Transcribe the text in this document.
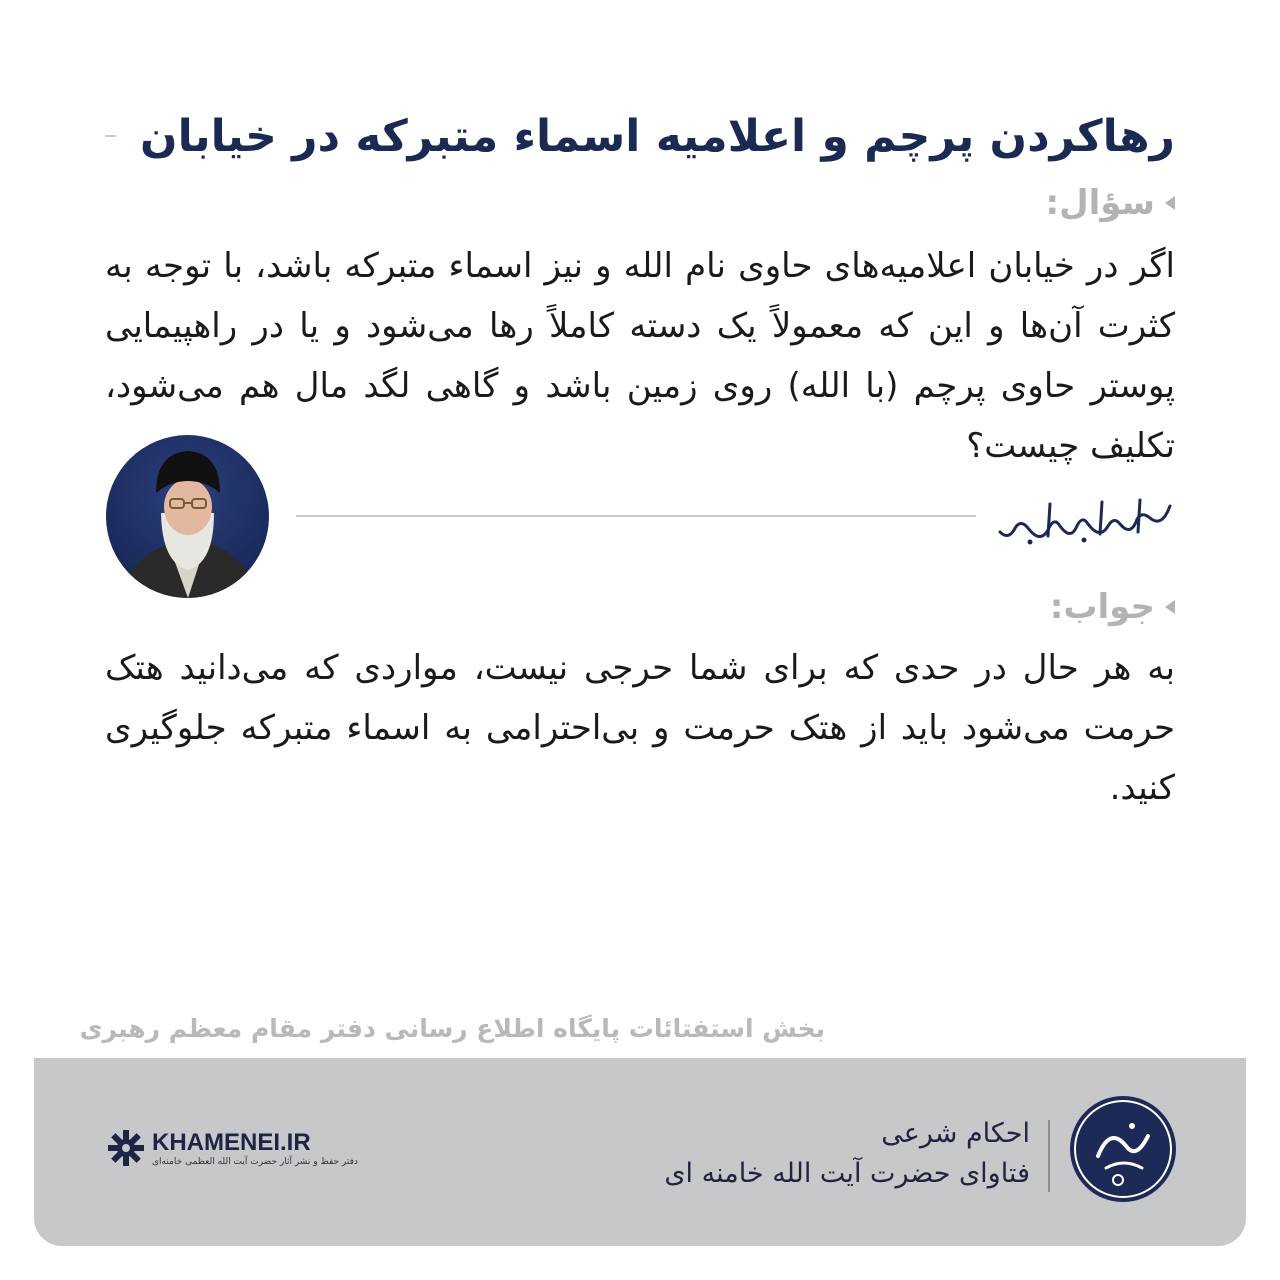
رهاکردن پرچم و اعلامیه اسماء متبرکه در خیابان
سؤال:

اگر در خیابان اعلامیه‌های حاوی نام الله و نیز اسماء متبرکه باشد، با توجه به کثرت آن‌ها و این که معمولاً یک دسته کاملاً رها می‌شود و یا در راهپیمایی پوستر حاوی پرچم (با الله) روی زمین باشد و گاهی لگد مال هم می‌شود، تکلیف چیست؟

جواب:

به هر حال در حدی که برای شما حرجی نیست، مواردی که می‌دانید هتک حرمت می‌شود باید از هتک حرمت و بی‌احترامی به اسماء متبرکه جلوگیری کنید.

بخش استفتائات پایگاه اطلاع رسانی دفتر مقام معظم رهبری
احکام شرعی
فتاوای حضرت آیت الله خامنه ای
KHAMENEI.IR
دفتر حفظ و نشر آثار حضرت آیت الله العظمی خامنه‌ای
